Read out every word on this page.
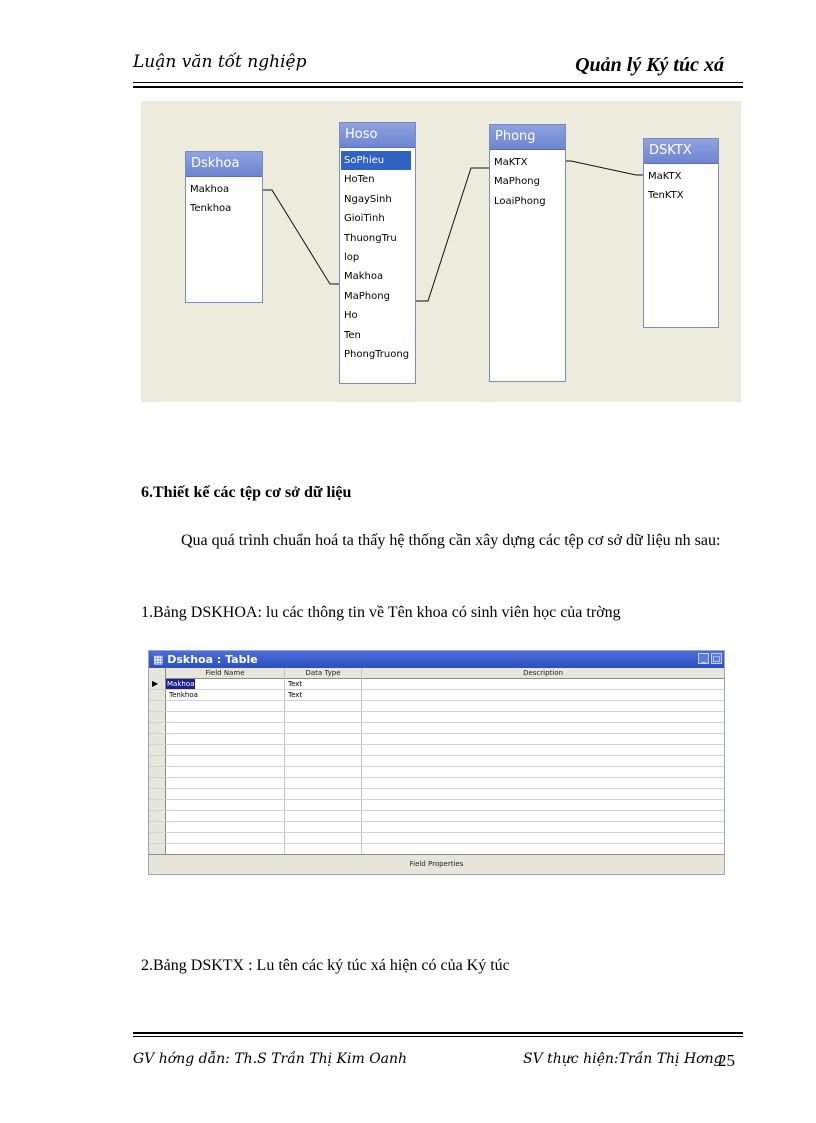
Luận văn tốt nghiệp	Quản lý Ký túc xá
Dskhoa
Makhoa
Tenkhoa
Hoso
SoPhieu
HoTen
NgaySinh
GioiTinh
ThuongTru
lop
Makhoa
MaPhong
Ho
Ten
PhongTruong
Phong
MaKTX
MaPhong
LoaiPhong
DSKTX
MaKTX
TenKTX
6.Thiết kế các tệp cơ sở dữ liệu
Qua quá trình chuẩn hoá ta thấy hệ thống cần xây dựng các tệp cơ sở dữ liệu nh sau:
1.Bảng DSKHOA: lu các thông tin về Tên khoa có sinh viên học của trờng
▦ Dskhoa : Table	_ □
Field Name	Data Type	Description
▶ Makhoa	Text
Tenkhoa	Text
Field Properties
2.Bảng DSKTX : Lu tên các ký túc xá hiện có của Ký túc
GV hớng dẫn: Th.S Trần Thị Kim Oanh	SV thực hiện:Trần Thị Hơng
25
